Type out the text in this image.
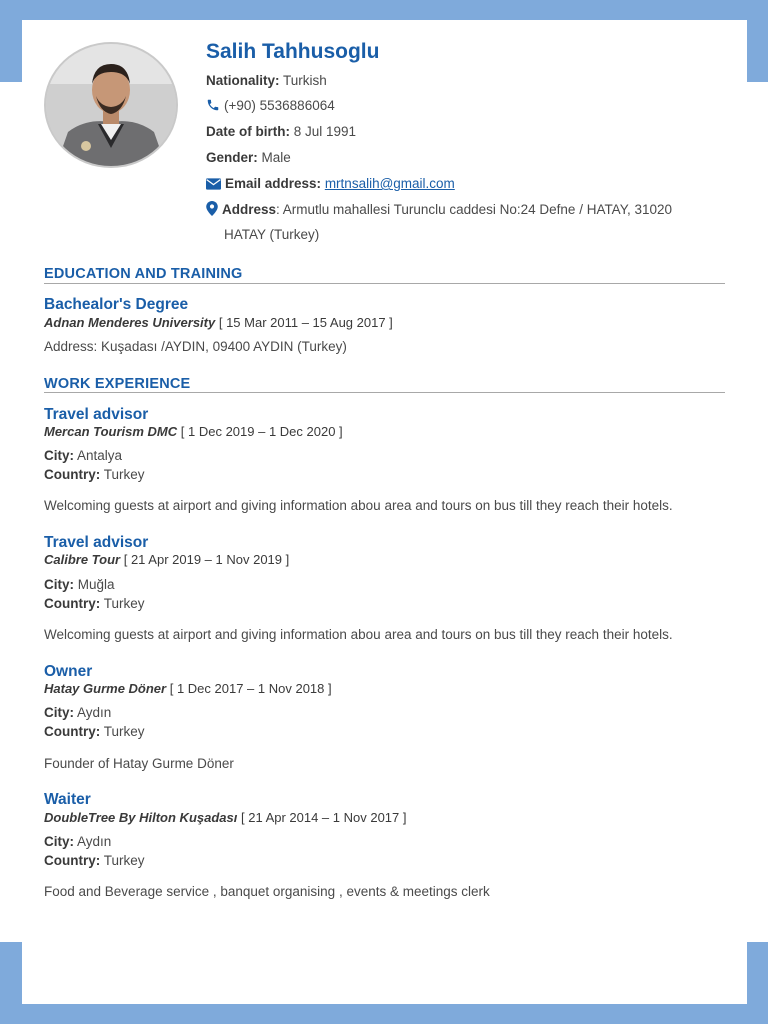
Salih Tahhusoglu
Nationality: Turkish
(+90) 5536886064
Date of birth: 8 Jul 1991
Gender: Male
Email address: mrtnsalih@gmail.com
Address: Armutlu mahallesi Turunclu caddesi No:24 Defne / HATAY, 31020
HATAY (Turkey)
EDUCATION AND TRAINING
Bachealor's Degree
Adnan Menderes University [ 15 Mar 2011 – 15 Aug 2017 ]
Address: Kuşadası /AYDIN, 09400 AYDIN (Turkey)
WORK EXPERIENCE
Travel advisor
Mercan Tourism DMC [ 1 Dec 2019 – 1 Dec 2020 ]
City: Antalya
Country: Turkey
Welcoming guests at airport and giving information abou area and tours on bus till they reach their hotels.
Travel advisor
Calibre Tour [ 21 Apr 2019 – 1 Nov 2019 ]
City: Muğla
Country: Turkey
Welcoming guests at airport and giving information abou area and tours on bus till they reach their hotels.
Owner
Hatay Gurme Döner [ 1 Dec 2017 – 1 Nov 2018 ]
City: Aydın
Country: Turkey
Founder of Hatay Gurme Döner
Waiter
DoubleTree By Hilton Kuşadası [ 21 Apr 2014 – 1 Nov 2017 ]
City: Aydın
Country: Turkey
Food and Beverage service , banquet organising , events & meetings clerk
